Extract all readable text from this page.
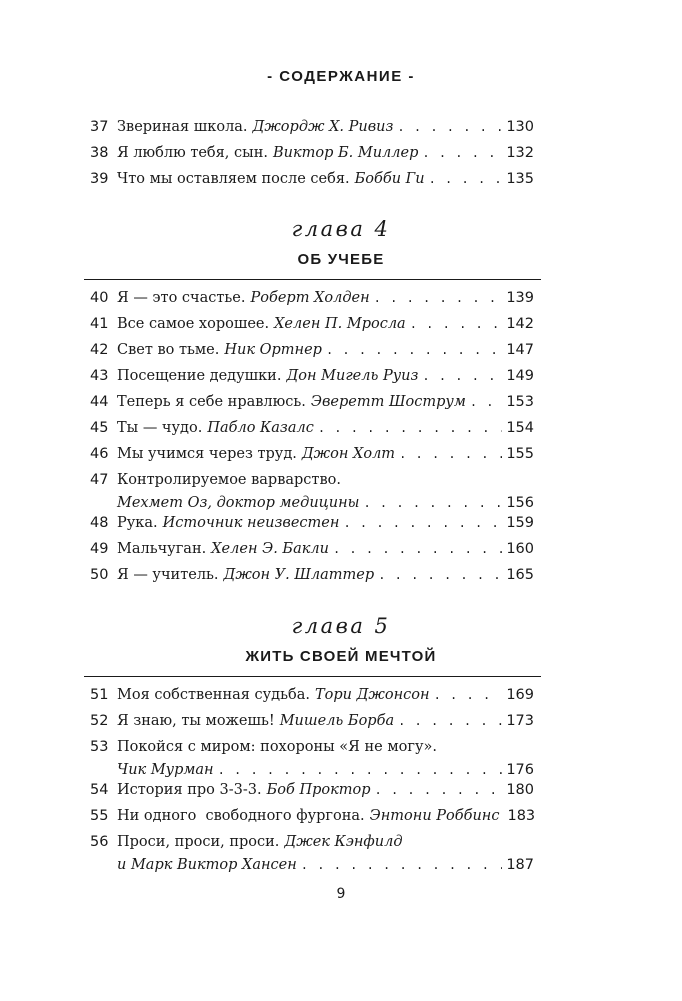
- СОДЕРЖАНИЕ -
37 Звериная школа. Джордж Х. Ривиз . . .	130
38 Я люблю тебя, сын. Виктор Б. Миллер . . .	132
39 Что мы оставляем после себя. Бобби Ги . . .	135
глава 4
ОБ УЧЕБЕ
40 Я — это счастье. Роберт Холден . . .	139
41 Все самое хорошее. Хелен П. Мросла . . .	142
42 Свет во тьме. Ник Ортнер . . .	147
43 Посещение дедушки. Дон Мигель Руиз . . .	149
44 Теперь я себе нравлюсь. Эверетт Шострум . . .	153
45 Ты — чудо. Пабло Казалс . . .	154
46 Мы учимся через труд. Джон Холт . . .	155
47 Контролируемое варварство.
Мехмет Оз, доктор медицины . . .	156
48 Рука. Источник неизвестен . . .	159
49 Мальчуган. Хелен Э. Бакли . . .	160
50 Я — учитель. Джон У. Шлаттер . . .	165
глава 5
ЖИТЬ СВОЕЙ МЕЧТОЙ
51 Моя собственная судьба. Тори Джонсон . . .	169
52 Я знаю, ты можешь! Мишель Борба . . .	173
53 Покойся с миром: похороны «Я не могу».
Чик Мурман . . .	176
54 История про 3-3-3. Боб Проктор . . .	180
55 Ни одного  свободного фургона. Энтони Роббинс 183
56 Проси, проси, проси. Джек Кэнфилд
и Марк Виктор Хансен . . .	187
9
